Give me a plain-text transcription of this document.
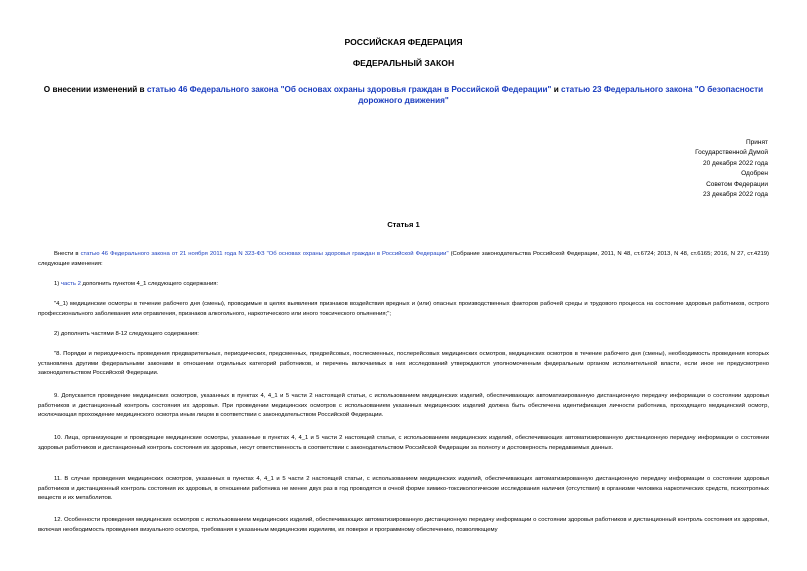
РОССИЙСКАЯ ФЕДЕРАЦИЯ
ФЕДЕРАЛЬНЫЙ ЗАКОН
О внесении изменений в статью 46 Федерального закона "Об основах охраны здоровья граждан в Российской Федерации" и статью 23 Федерального закона "О безопасности дорожного движения"
Принят
Государственной Думой
20 декабря 2022 года
Одобрен
Советом Федерации
23 декабря 2022 года
Статья 1
Внести в статью 46 Федерального закона от 21 ноября 2011 года N 323-ФЗ "Об основах охраны здоровья граждан в Российской Федерации" (Собрание законодательства Российской Федерации, 2011, N 48, ст.6724; 2013, N 48, ст.6165; 2016, N 27, ст.4219) следующие изменения:
1) часть 2 дополнить пунктом 4_1 следующего содержания:
"4_1) медицинские осмотры в течение рабочего дня (смены), проводимые в целях выявления признаков воздействия вредных и (или) опасных производственных факторов рабочей среды и трудового процесса на состояние здоровья работников, острого профессионального заболевания или отравления, признаков алкогольного, наркотического или иного токсического опьянения;";
2) дополнить частями 8-12 следующего содержания:
"8. Порядки и периодичность проведения предварительных, периодических, предсменных, предрейсовых, послесменных, послерейсовых медицинских осмотров, медицинских осмотров в течение рабочего дня (смены), необходимость проведения которых установлена другими федеральными законами в отношении отдельных категорий работников, и перечень включаемых в них исследований утверждаются уполномоченным федеральным органом исполнительной власти, если иное не предусмотрено законодательством Российской Федерации.
9. Допускается проведение медицинских осмотров, указанных в пунктах 4, 4_1 и 5 части 2 настоящей статьи, с использованием медицинских изделий, обеспечивающих автоматизированную дистанционную передачу информации о состоянии здоровья работников и дистанционный контроль состояния их здоровья. При проведении медицинских осмотров с использованием указанных медицинских изделий должна быть обеспечена идентификация личности работника, проходящего медицинский осмотр, исключающая прохождение медицинского осмотра иным лицом в соответствии с законодательством Российской Федерации.
10. Лица, организующие и проводящие медицинские осмотры, указанные в пунктах 4, 4_1 и 5 части 2 настоящей статьи, с использованием медицинских изделий, обеспечивающих автоматизированную дистанционную передачу информации о состоянии здоровья работников и дистанционный контроль состояния их здоровья, несут ответственность в соответствии с законодательством Российской Федерации за полноту и достоверность передаваемых данных.
11. В случае проведения медицинских осмотров, указанных в пунктах 4, 4_1 и 5 части 2 настоящей статьи, с использованием медицинских изделий, обеспечивающих автоматизированную дистанционную передачу информации о состоянии здоровья работников и дистанционный контроль состояния их здоровья, в отношении работника не менее двух раз в год проводятся в очной форме химико-токсикологические исследования наличия (отсутствия) в организме человека наркотических средств, психотропных веществ и их метаболитов.
12. Особенности проведения медицинских осмотров с использованием медицинских изделий, обеспечивающих автоматизированную дистанционную передачу информации о состоянии здоровья работников и дистанционный контроль состояния их здоровья, включая необходимость проведения визуального осмотра, требования к указанным медицинским изделиям, их поверке и программному обеспечению, позволяющему
